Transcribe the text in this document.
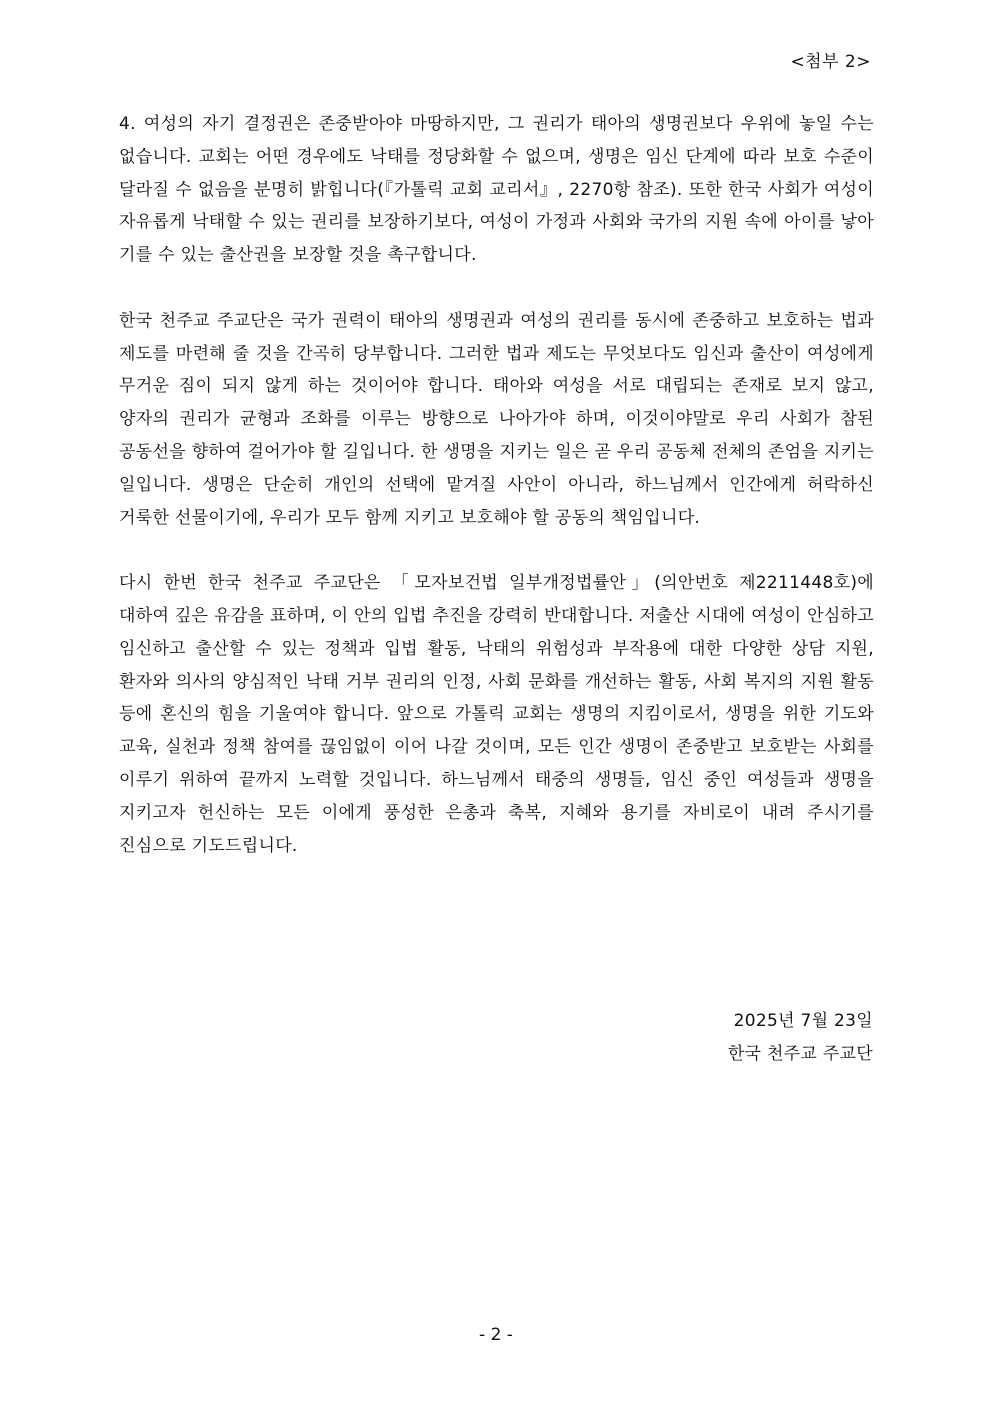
<첨부 2>

4. 여성의 자기 결정권은 존중받아야 마땅하지만, 그 권리가 태아의 생명권보다 우위에 놓일 수는 없습니다. 교회는 어떤 경우에도 낙태를 정당화할 수 없으며, 생명은 임신 단계에 따라 보호 수준이 달라질 수 없음을 분명히 밝힙니다(『가톨릭 교회 교리서』, 2270항 참조). 또한 한국 사회가 여성이 자유롭게 낙태할 수 있는 권리를 보장하기보다, 여성이 가정과 사회와 국가의 지원 속에 아이를 낳아 기를 수 있는 출산권을 보장할 것을 촉구합니다.

한국 천주교 주교단은 국가 권력이 태아의 생명권과 여성의 권리를 동시에 존중하고 보호하는 법과 제도를 마련해 줄 것을 간곡히 당부합니다. 그러한 법과 제도는 무엇보다도 임신과 출산이 여성에게 무거운 짐이 되지 않게 하는 것이어야 합니다. 태아와 여성을 서로 대립되는 존재로 보지 않고, 양자의 권리가 균형과 조화를 이루는 방향으로 나아가야 하며, 이것이야말로 우리 사회가 참된 공동선을 향하여 걸어가야 할 길입니다. 한 생명을 지키는 일은 곧 우리 공동체 전체의 존엄을 지키는 일입니다. 생명은 단순히 개인의 선택에 맡겨질 사안이 아니라, 하느님께서 인간에게 허락하신 거룩한 선물이기에, 우리가 모두 함께 지키고 보호해야 할 공동의 책임입니다.

다시 한번 한국 천주교 주교단은 「모자보건법 일부개정법률안」(의안번호 제2211448호)에 대하여 깊은 유감을 표하며, 이 안의 입법 추진을 강력히 반대합니다. 저출산 시대에 여성이 안심하고 임신하고 출산할 수 있는 정책과 입법 활동, 낙태의 위험성과 부작용에 대한 다양한 상담 지원, 환자와 의사의 양심적인 낙태 거부 권리의 인정, 사회 문화를 개선하는 활동, 사회 복지의 지원 활동 등에 혼신의 힘을 기울여야 합니다. 앞으로 가톨릭 교회는 생명의 지킴이로서, 생명을 위한 기도와 교육, 실천과 정책 참여를 끊임없이 이어 나갈 것이며, 모든 인간 생명이 존중받고 보호받는 사회를 이루기 위하여 끝까지 노력할 것입니다. 하느님께서 태중의 생명들, 임신 중인 여성들과 생명을 지키고자 헌신하는 모든 이에게 풍성한 은총과 축복, 지혜와 용기를 자비로이 내려 주시기를 진심으로 기도드립니다.

2025년 7월 23일
한국 천주교 주교단
- 2 -
